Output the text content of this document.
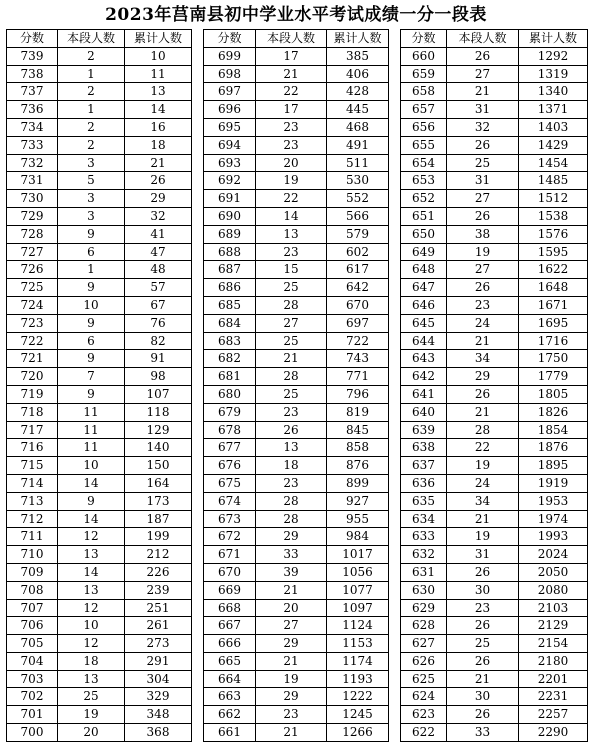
2023年莒南县初中学业水平考试成绩一分一段表
分数	本段人数	累计人数
739	2	10
738	1	11
737	2	13
736	1	14
734	2	16
733	2	18
732	3	21
731	5	26
730	3	29
729	3	32
728	9	41
727	6	47
726	1	48
725	9	57
724	10	67
723	9	76
722	6	82
721	9	91
720	7	98
719	9	107
718	11	118
717	11	129
716	11	140
715	10	150
714	14	164
713	9	173
712	14	187
711	12	199
710	13	212
709	14	226
708	13	239
707	12	251
706	10	261
705	12	273
704	18	291
703	13	304
702	25	329
701	19	348
700	20	368
分数	本段人数	累计人数
699	17	385
698	21	406
697	22	428
696	17	445
695	23	468
694	23	491
693	20	511
692	19	530
691	22	552
690	14	566
689	13	579
688	23	602
687	15	617
686	25	642
685	28	670
684	27	697
683	25	722
682	21	743
681	28	771
680	25	796
679	23	819
678	26	845
677	13	858
676	18	876
675	23	899
674	28	927
673	28	955
672	29	984
671	33	1017
670	39	1056
669	21	1077
668	20	1097
667	27	1124
666	29	1153
665	21	1174
664	19	1193
663	29	1222
662	23	1245
661	21	1266
分数	本段人数	累计人数
660	26	1292
659	27	1319
658	21	1340
657	31	1371
656	32	1403
655	26	1429
654	25	1454
653	31	1485
652	27	1512
651	26	1538
650	38	1576
649	19	1595
648	27	1622
647	26	1648
646	23	1671
645	24	1695
644	21	1716
643	34	1750
642	29	1779
641	26	1805
640	21	1826
639	28	1854
638	22	1876
637	19	1895
636	24	1919
635	34	1953
634	21	1974
633	19	1993
632	31	2024
631	26	2050
630	30	2080
629	23	2103
628	26	2129
627	25	2154
626	26	2180
625	21	2201
624	30	2231
623	26	2257
622	33	2290
